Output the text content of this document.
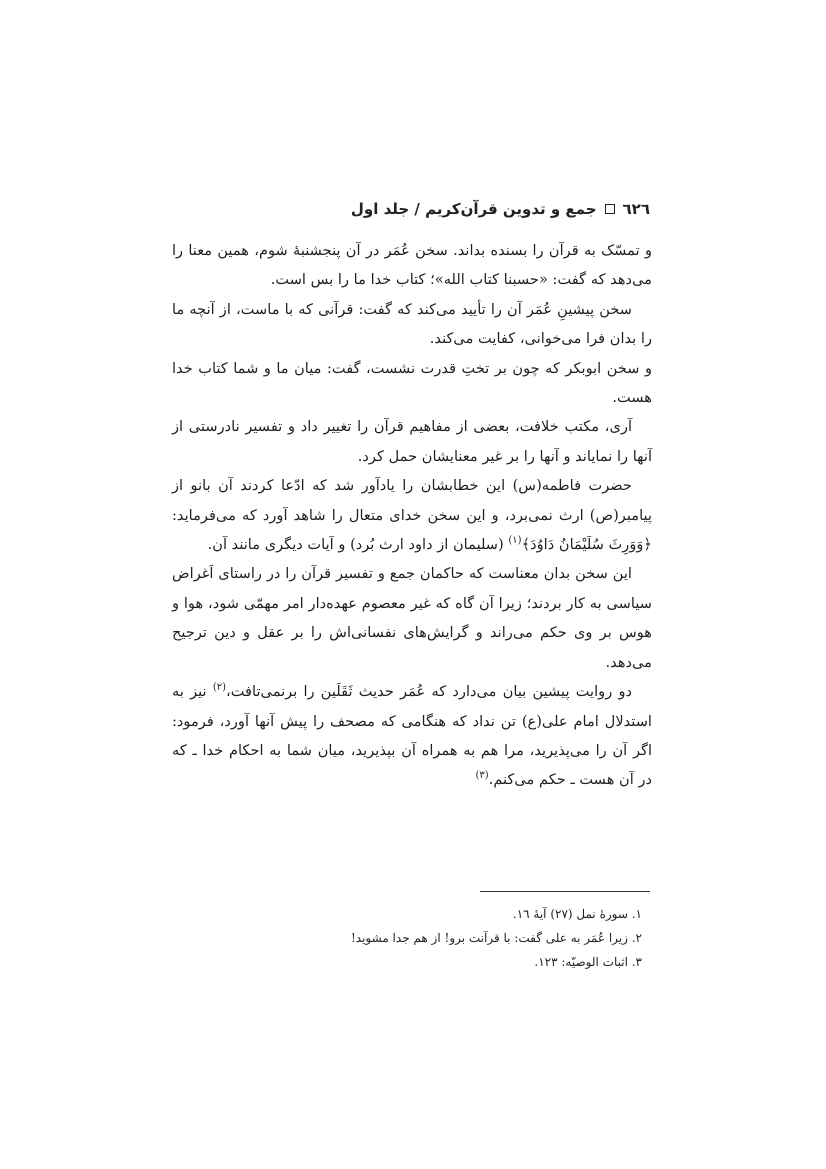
٦٢٦
جمع و تدوین قرآن‌کریم / جلد اول

و تمسّک به قرآن را بسنده بداند. سخن عُمَر در آن پنجشنبهٔ شوم، همین معنا را می‌دهد که گفت: «حسبنا کتاب الله»؛ کتاب خدا ما را بس است.

سخن پیشینِ عُمَر آن را تأیید می‌کند که گفت: قرآنی که با ماست، از آنچه ما را بدان فرا می‌خوانی، کفایت می‌کند.

و سخن ابوبکر که چون بر تختِ قدرت نشست، گفت: میان ما و شما کتاب خدا هست.

آری، مکتب خلافت، بعضی از مفاهیم قرآن را تغییر داد و تفسیر نادرستی از آنها را نمایاند و آنها را بر غیر معنایشان حمل کرد.

حضرت فاطمه(س) این خطابشان را یادآور شد که ادّعا کردند آن بانو از پیامبر(ص) ارث نمی‌برد، و این سخن خدای متعال را شاهد آورد که می‌فرماید: ﴿وَوَرِثَ سُلَيْمَانُ دَاوُدَ﴾$^{(١)}$ (سلیمان از داود ارث بُرد) و آیات دیگری مانند آن.

این سخن بدان معناست که حاکمان جمع و تفسیر قرآن را در راستای اَغراض سیاسی به کار بردند؛ زیرا آن گاه که غیر معصوم عهده‌دار امر مهمّی شود، هوا و هوس بر وی حکم می‌راند و گرایش‌های نفسانی‌اش را بر عقل و دین ترجیح می‌دهد.

دو روایت پیشین بیان می‌دارد که عُمَر حدیث ثَقَلَین را برنمی‌تافت،$^{(٢)}$ نیز به استدلال امام علی(ع) تن نداد که هنگامی که مصحف را پیش آنها آورد، فرمود: اگر آن را می‌پذیرید، مرا هم به همراه آن بپذیرید، میان شما به احکام خدا ـ که در آن هست ـ حکم می‌کنم.$^{(٣)}$

١. سورهٔ نمل (٢٧) آیهٔ ١٦.
٢. زیرا عُمَر به علی گفت: با قرآنت برو! از هم جدا مشوید!
٣. اثبات الوصیّه: ١٢٣.
